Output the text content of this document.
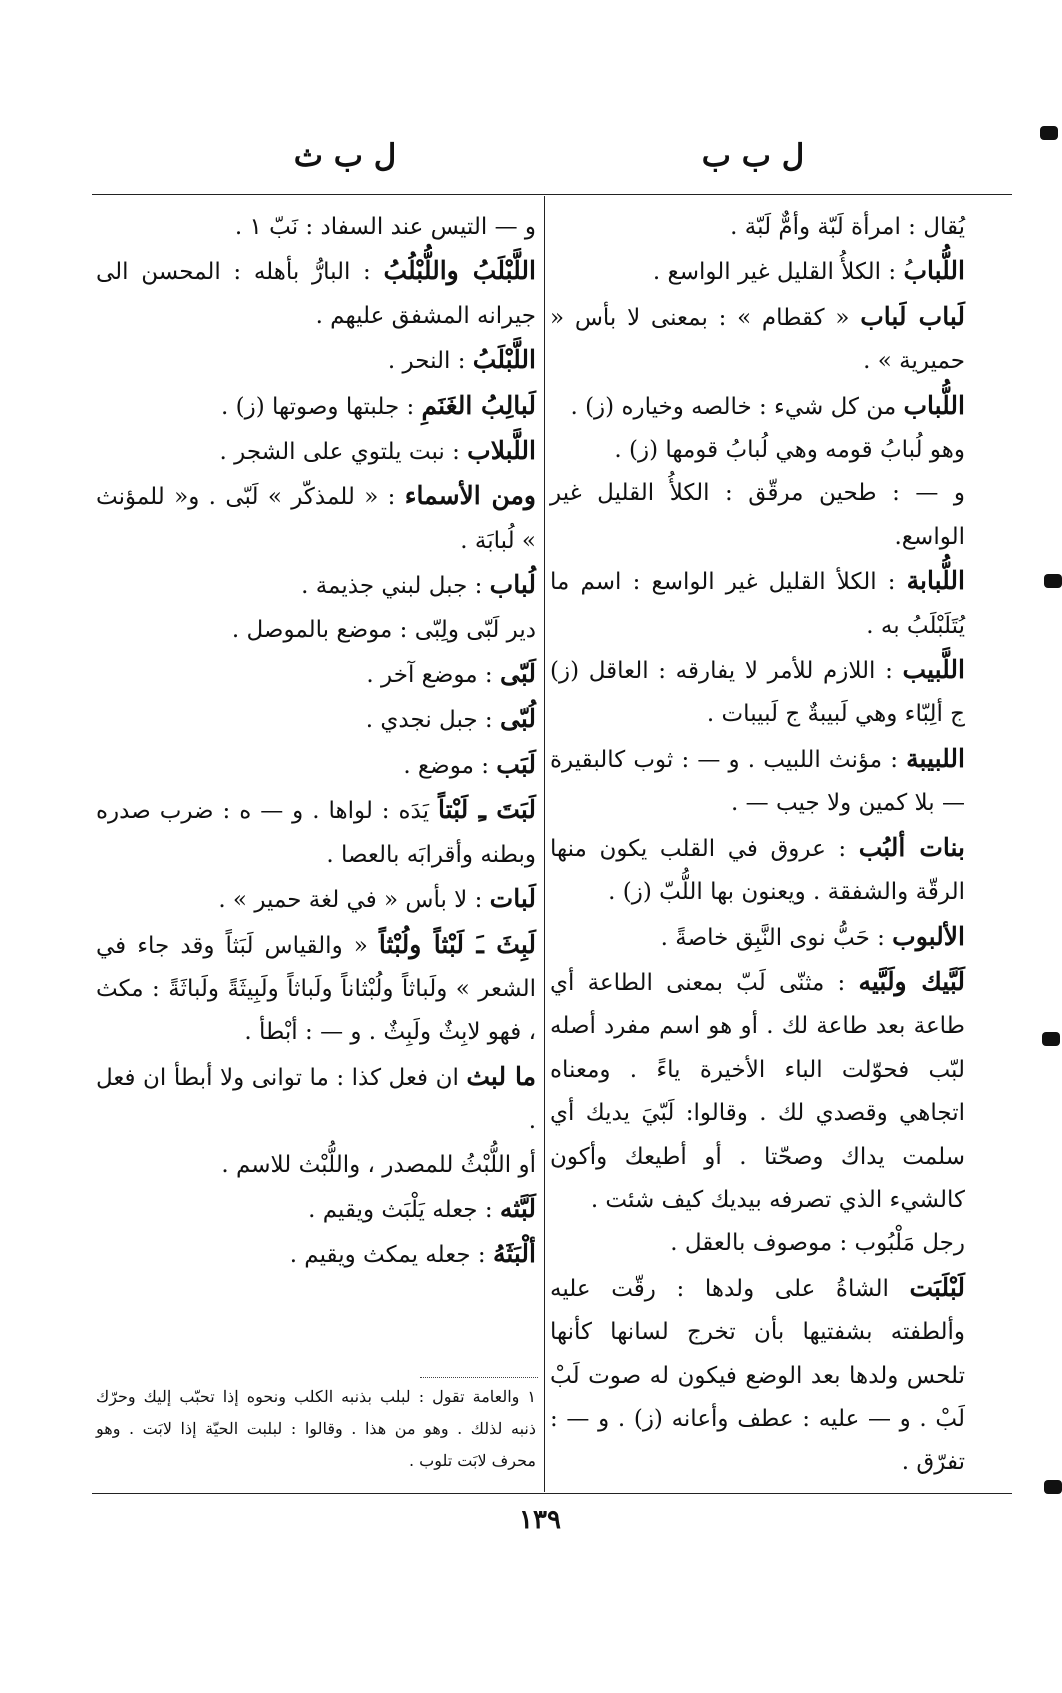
ل ب ب
ل ب ث

يُقال : امرأة لَبّة وأمٌّ لَبّة .

اللُّبابُ : الكلأُ القليل غير الواسع .

لَباب لَباب « كقطام » : بمعنى لا بأس « حميرية » .

اللُّباب من كل شيء : خالصه وخياره (ز) .

وهو لُبابُ قومه وهي لُبابُ قومها (ز) .

و — : طحين مرقّق : الكلأُ القليل غير الواسع.

اللُّبابة : الكلأ القليل غير الواسع : اسم ما يُتَلَبْلَبُ به .

اللَّبيب : اللازم للأمر لا يفارقه : العاقل (ز) ج ألِبّاء وهي لَبيبةٌ ج لَبيبات .

اللبيبة : مؤنث اللبيب . و — : ثوب كالبقيرة — بلا كمين ولا جيب — .

بنات ألبُب : عروق في القلب يكون منها الرقّة والشفقة . ويعنون بها اللُّبّ (ز) .

الألبوب : حَبُّ نوى النَّبِق خاصةً .

لَبَّيك ولَبَّيه : مثنّى لَبّ بمعنى الطاعة أي طاعة بعد طاعة لك . أو هو اسم مفرد أصله لبّب فحوّلت الباء الأخيرة ياءً . ومعناه اتجاهي وقصدي لك . وقالوا: لَبّيَ يديك أي سلمت يداك وصحّتا . أو أطيعك وأكون كالشيء الذي تصرفه بيديك كيف شئت .

رجل مَلْبُوب : موصوف بالعقل .

لَبْلَبَت الشاةُ على ولدها : رقّت عليه وألطفته بشفتيها بأن تخرج لسانها كأنها تلحس ولدها بعد الوضع فيكون له صوت لَبْ لَبْ . و — عليه : عطف وأعانه (ز) . و — : تفرّق .

و — التيس عند السفاد : نَبّ ١ .

اللَّبْلَبُ واللُّبْلُبُ : البارُّ بأهله : المحسن الى جيرانه المشفق عليهم .

اللَّبْلَبُ : النحر .

لَبالِبُ الغَنَمِ : جلبتها وصوتها (ز) .

اللَّبلاب : نبت يلتوي على الشجر .

ومن الأسماء : « للمذكّر » لَبّى . و« للمؤنث » لُبابَة .

لُباب : جبل لبني جذيمة .

دير لَبّى ولِبّى : موضع بالموصل .

لَبّى : موضع آخر .

لُبّى : جبل نجدي .

لَبَب : موضع .

لَبَتَ ـِ لَبْتاً يَدَه : لواها . و — ه : ضرب صدره وبطنه وأقرابَه بالعصا .

لَبات : لا بأس « في لغة حمير » .

لَبِثَ ـَ لَبْثاً ولُبْثاً « والقياس لَبَثاً وقد جاء في الشعر » ولَباثاً ولُبْثاناً ولَباثاً ولَبِيثَةً ولَباثَةً : مكث ، فهو لابِثٌ ولَبِثٌ . و — : أبْطأ .

ما لبث ان فعل كذا : ما توانى ولا أبطأ ان فعل .

أو اللُّبْثُ للمصدر ، واللُّبْث للاسم .

لَبَّثه : جعله يَلْبَث ويقيم .

ألْبَثَهُ : جعله يمكث ويقيم .

١والعامة تقول : لبلب بذنبه الكلب ونحوه إذا تحبّب إليك وحرّك ذنبه لذلك . وهو من هذا . وقالوا : لبلبت الحيّة إذا لابَت . وهو محرف لابَت تلوب .
١٣٩
